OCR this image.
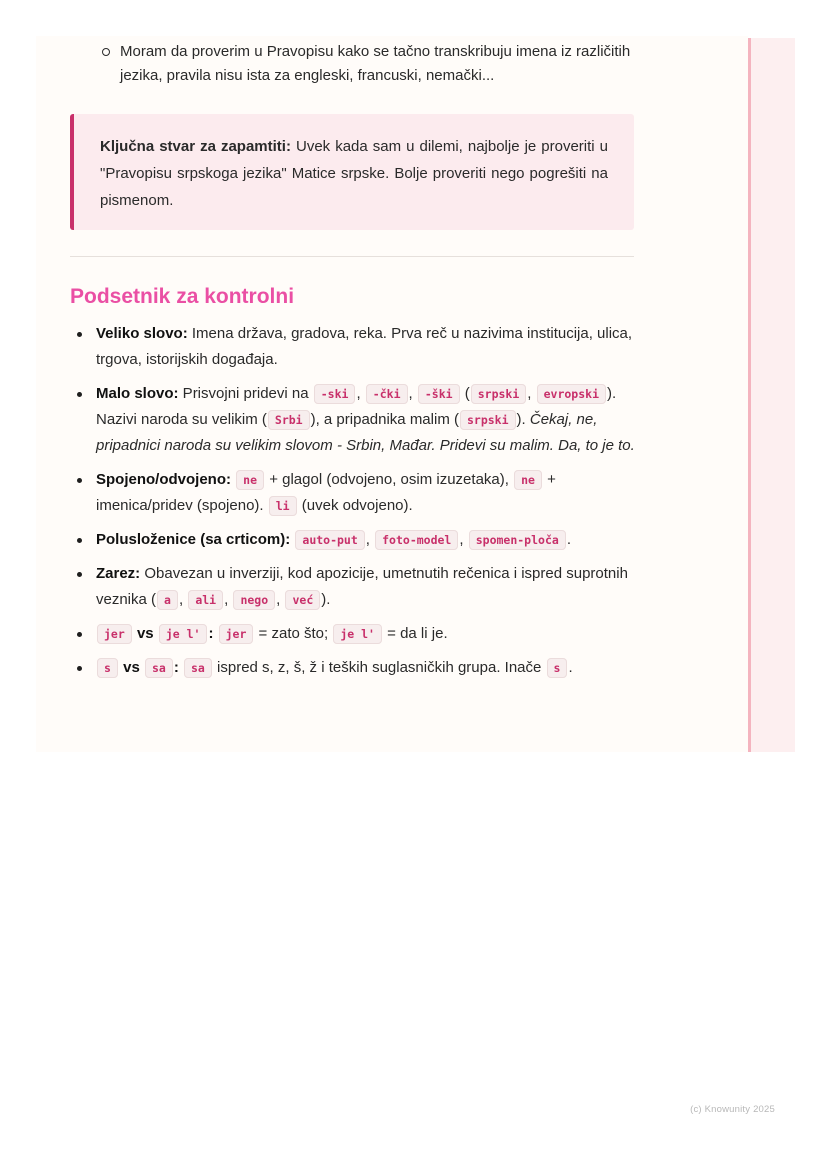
Moram da proverim u Pravopisu kako se tačno transkribuju imena iz različitih jezika, pravila nisu ista za engleski, francuski, nemački...
Ključna stvar za zapamtiti: Uvek kada sam u dilemi, najbolje je proveriti u "Pravopisu srpskoga jezika" Matice srpske. Bolje proveriti nego pogrešiti na pismenom.
Podsetnik za kontrolni
Veliko slovo: Imena država, gradova, reka. Prva reč u nazivima institucija, ulica, trgova, istorijskih događaja.
Malo slovo: Prisvojni pridevi na -ski , -čki , -ški ( srpski , evropski ). Nazivi naroda su velikim ( Srbi ), a pripadnika malim ( srpski ). Čekaj, ne, pripadnici naroda su velikim slovom - Srbin, Mađar. Pridevi su malim. Da, to je to.
Spojeno/odvojeno: ne + glagol (odvojeno, osim izuzetaka), ne + imenica/pridev (spojeno). li (uvek odvojeno).
Polusloženice (sa crticom): auto-put , foto-model , spomen-ploča .
Zarez: Obavezan u inverziji, kod apozicije, umetnutih rečenica i ispred suprotnih veznika ( a , ali , nego , već ).
jer vs je l' : jer = zato što; je l' = da li je.
s vs sa : sa ispred s, z, š, ž i teških suglasničkih grupa. Inače s .
(c) Knowunity 2025
